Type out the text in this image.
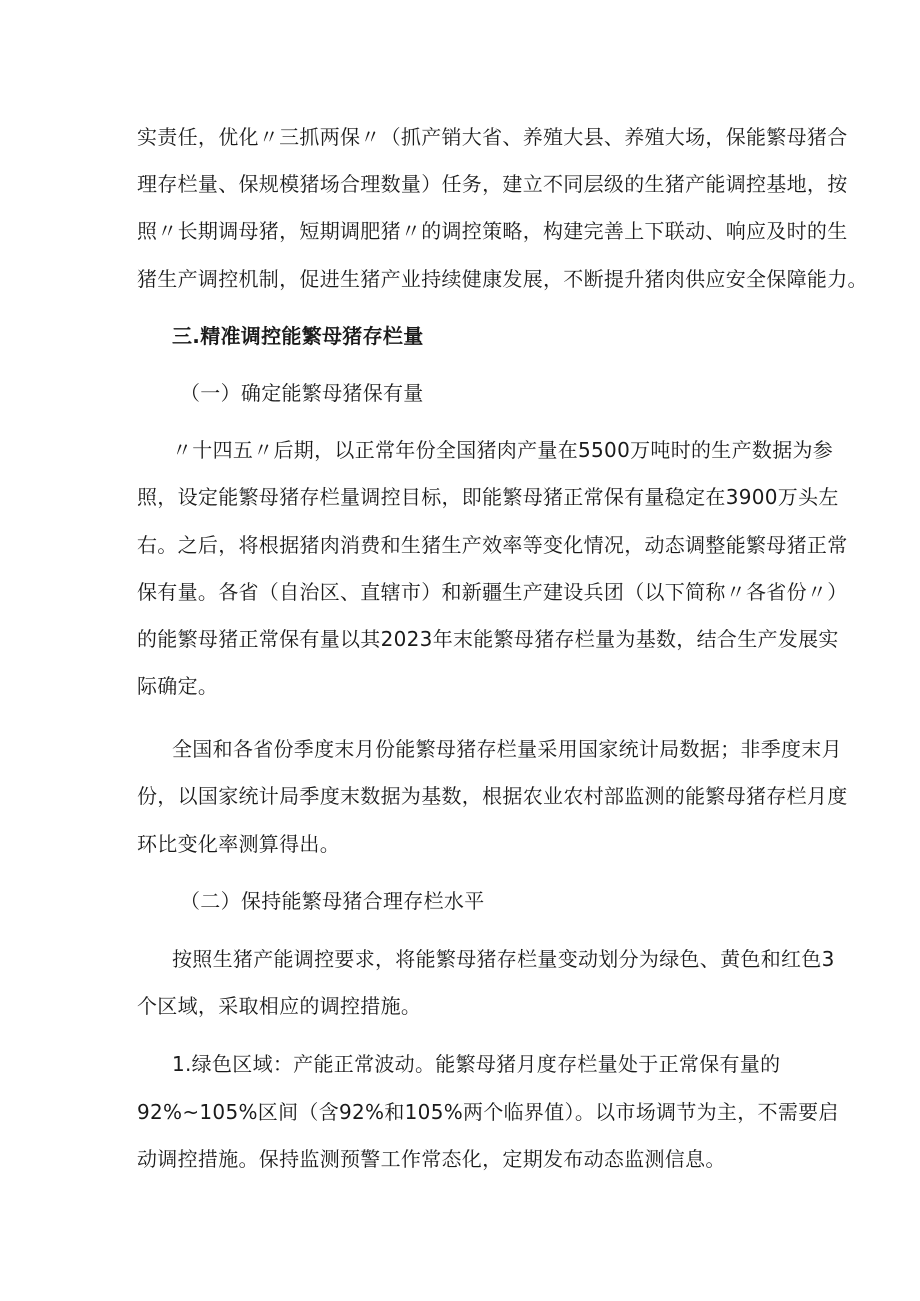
实责任，优化〃三抓两保〃（抓产销大省、养殖大县、养殖大场，保能繁母猪合
理存栏量、保规模猪场合理数量）任务，建立不同层级的生猪产能调控基地，按
照〃长期调母猪，短期调肥猪〃的调控策略，构建完善上下联动、响应及时的生
猪生产调控机制，促进生猪产业持续健康发展，不断提升猪肉供应安全保障能力。
三.精准调控能繁母猪存栏量
（一）确定能繁母猪保有量
〃十四五〃后期，以正常年份全国猪肉产量在5500万吨时的生产数据为参
照，设定能繁母猪存栏量调控目标，即能繁母猪正常保有量稳定在3900万头左
右。之后，将根据猪肉消费和生猪生产效率等变化情况，动态调整能繁母猪正常
保有量。各省（自治区、直辖市）和新疆生产建设兵团（以下简称〃各省份〃）
的能繁母猪正常保有量以其2023年末能繁母猪存栏量为基数，结合生产发展实
际确定。
全国和各省份季度末月份能繁母猪存栏量采用国家统计局数据；非季度末月
份，以国家统计局季度末数据为基数，根据农业农村部监测的能繁母猪存栏月度
环比变化率测算得出。
（二）保持能繁母猪合理存栏水平
按照生猪产能调控要求，将能繁母猪存栏量变动划分为绿色、黄色和红色3
个区域，采取相应的调控措施。
1.绿色区域：产能正常波动。能繁母猪月度存栏量处于正常保有量的
92%~105%区间（含92%和105%两个临界值）。以市场调节为主，不需要启
动调控措施。保持监测预警工作常态化，定期发布动态监测信息。
